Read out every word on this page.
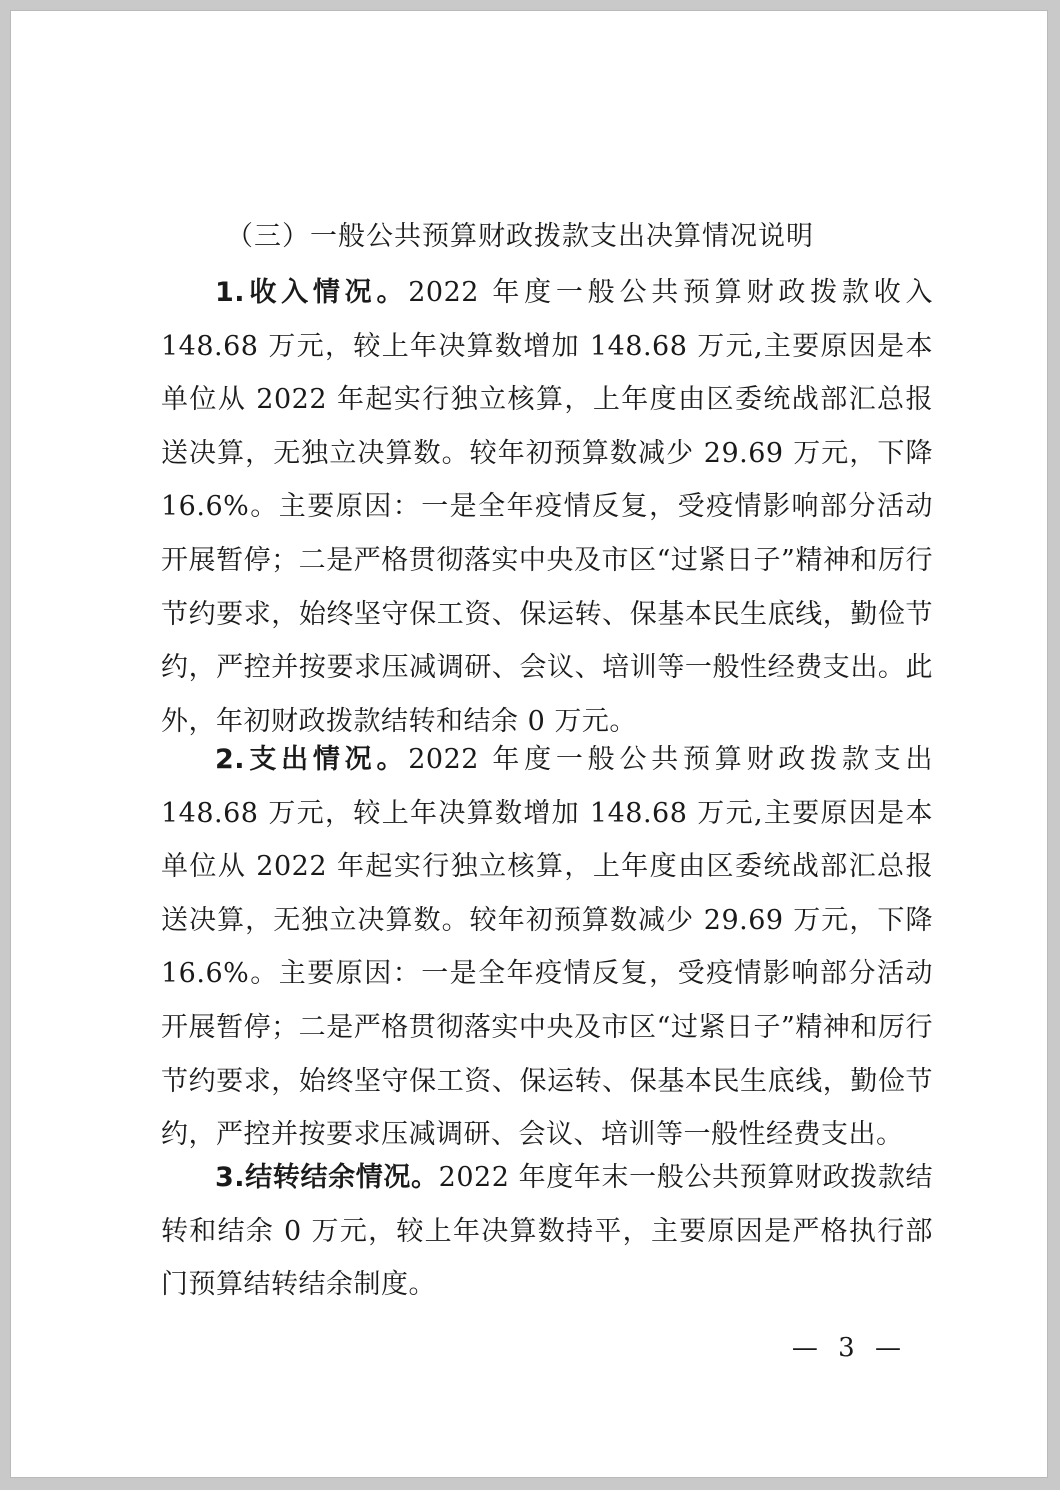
（三）一般公共预算财政拨款支出决算情况说明

1.收入情况。2022 年度一般公共预算财政拨款收入 148.68 万元，较上年决算数增加 148.68 万元,主要原因是本单位从 2022 年起实行独立核算，上年度由区委统战部汇总报送决算，无独立决算数。较年初预算数减少 29.69 万元，下降 16.6%。主要原因：一是全年疫情反复，受疫情影响部分活动开展暂停；二是严格贯彻落实中央及市区“过紧日子”精神和厉行节约要求，始终坚守保工资、保运转、保基本民生底线，勤俭节约，严控并按要求压减调研、会议、培训等一般性经费支出。此外，年初财政拨款结转和结余 0 万元。

2.支出情况。2022 年度一般公共预算财政拨款支出 148.68 万元，较上年决算数增加 148.68 万元,主要原因是本单位从 2022 年起实行独立核算，上年度由区委统战部汇总报送决算，无独立决算数。较年初预算数减少 29.69 万元，下降 16.6%。主要原因：一是全年疫情反复，受疫情影响部分活动开展暂停；二是严格贯彻落实中央及市区“过紧日子”精神和厉行节约要求，始终坚守保工资、保运转、保基本民生底线，勤俭节约，严控并按要求压减调研、会议、培训等一般性经费支出。

3.结转结余情况。2022 年度年末一般公共预算财政拨款结转和结余 0 万元，较上年决算数持平，主要原因是严格执行部门预算结转结余制度。

— 3 —
